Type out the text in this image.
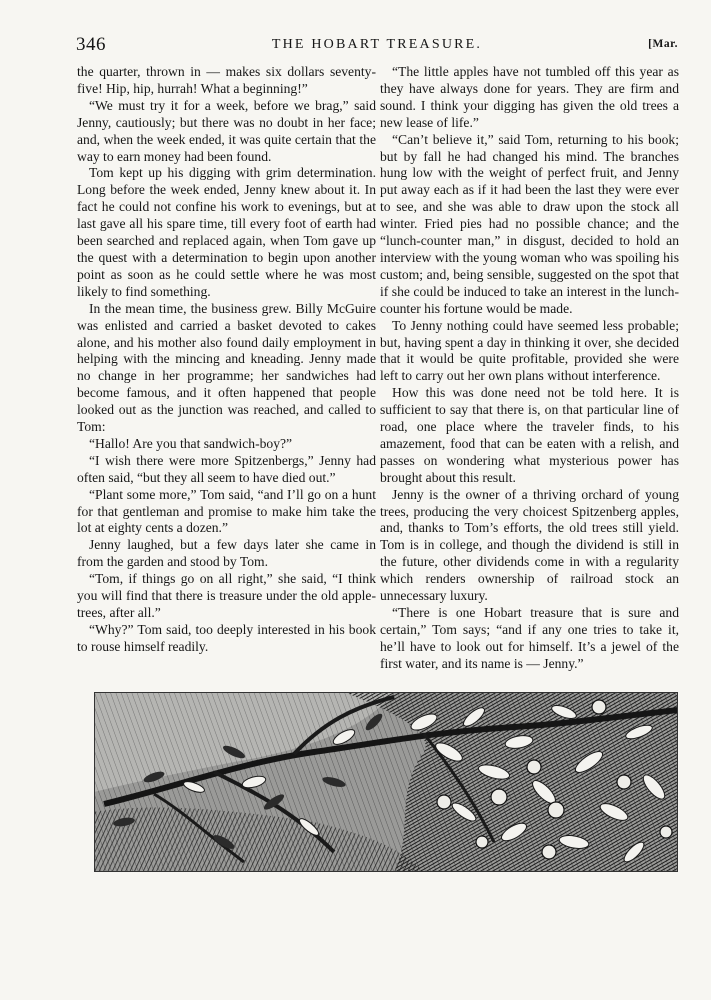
346	THE HOBART TREASURE.	[Mar.

the quarter, thrown in — makes six dollars seventy-five! Hip, hip, hurrah! What a beginning!”

“We must try it for a week, before we brag,” said Jenny, cautiously; but there was no doubt in her face; and, when the week ended, it was quite certain that the way to earn money had been found.

Tom kept up his digging with grim determination. Long before the week ended, Jenny knew about it. In fact he could not confine his work to evenings, but at last gave all his spare time, till every foot of earth had been searched and replaced again, when Tom gave up the quest with a determination to begin upon another point as soon as he could settle where he was most likely to find something.

In the mean time, the business grew. Billy McGuire was enlisted and carried a basket devoted to cakes alone, and his mother also found daily employment in helping with the mincing and kneading. Jenny made no change in her programme; her sandwiches had become famous, and it often happened that people looked out as the junction was reached, and called to Tom:

“Hallo! Are you that sandwich-boy?”

“I wish there were more Spitzenbergs,” Jenny had often said, “but they all seem to have died out.”

“Plant some more,” Tom said, “and I’ll go on a hunt for that gentleman and promise to make him take the lot at eighty cents a dozen.”

Jenny laughed, but a few days later she came in from the garden and stood by Tom.

“Tom, if things go on all right,” she said, “I think you will find that there is treasure under the old apple-trees, after all.”

“Why?” Tom said, too deeply interested in his book to rouse himself readily.

“The little apples have not tumbled off this year as they have always done for years. They are firm and sound. I think your digging has given the old trees a new lease of life.”

“Can’t believe it,” said Tom, returning to his book; but by fall he had changed his mind. The branches hung low with the weight of perfect fruit, and Jenny put away each as if it had been the last they were ever to see, and she was able to draw upon the stock all winter. Fried pies had no possible chance; and the “lunch-counter man,” in disgust, decided to hold an interview with the young woman who was spoiling his custom; and, being sensible, suggested on the spot that if she could be induced to take an interest in the lunch-counter his fortune would be made.

To Jenny nothing could have seemed less probable; but, having spent a day in thinking it over, she decided that it would be quite profitable, provided she were left to carry out her own plans without interference.

How this was done need not be told here. It is sufficient to say that there is, on that particular line of road, one place where the traveler finds, to his amazement, food that can be eaten with a relish, and passes on wondering what mysterious power has brought about this result.

Jenny is the owner of a thriving orchard of young trees, producing the very choicest Spitzenberg apples, and, thanks to Tom’s efforts, the old trees still yield. Tom is in college, and though the dividend is still in the future, other dividends come in with a regularity which renders ownership of railroad stock an unnecessary luxury.

“There is one Hobart treasure that is sure and certain,” Tom says; “and if any one tries to take it, he’ll have to look out for himself. It’s a jewel of the first water, and its name is — Jenny.”
